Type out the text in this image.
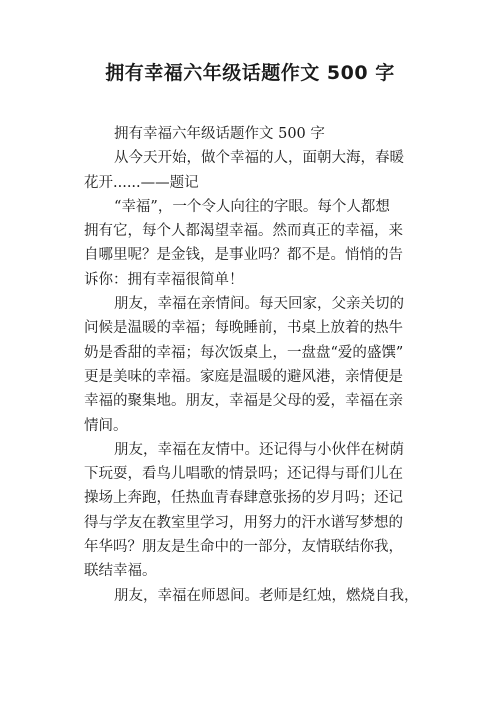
拥有幸福六年级话题作文 500 字

拥有幸福六年级话题作文 500 字

从今天开始，做个幸福的人，面朝大海，春暖
花开......——题记

“幸福”，一个令人向往的字眼。每个人都想
拥有它，每个人都渴望幸福。然而真正的幸福，来
自哪里呢？是金钱，是事业吗？都不是。悄悄的告
诉你：拥有幸福很简单！

朋友，幸福在亲情间。每天回家，父亲关切的
问候是温暖的幸福；每晚睡前，书桌上放着的热牛
奶是香甜的幸福；每次饭桌上，一盘盘“爱的盛馔”
更是美味的幸福。家庭是温暖的避风港，亲情便是
幸福的聚集地。朋友，幸福是父母的爱，幸福在亲
情间。

朋友，幸福在友情中。还记得与小伙伴在树荫
下玩耍，看鸟儿唱歌的情景吗；还记得与哥们儿在
操场上奔跑，任热血青春肆意张扬的岁月吗；还记
得与学友在教室里学习，用努力的汗水谱写梦想的
年华吗？朋友是生命中的一部分，友情联结你我，
联结幸福。

朋友，幸福在师恩间。老师是红烛，燃烧自我，
